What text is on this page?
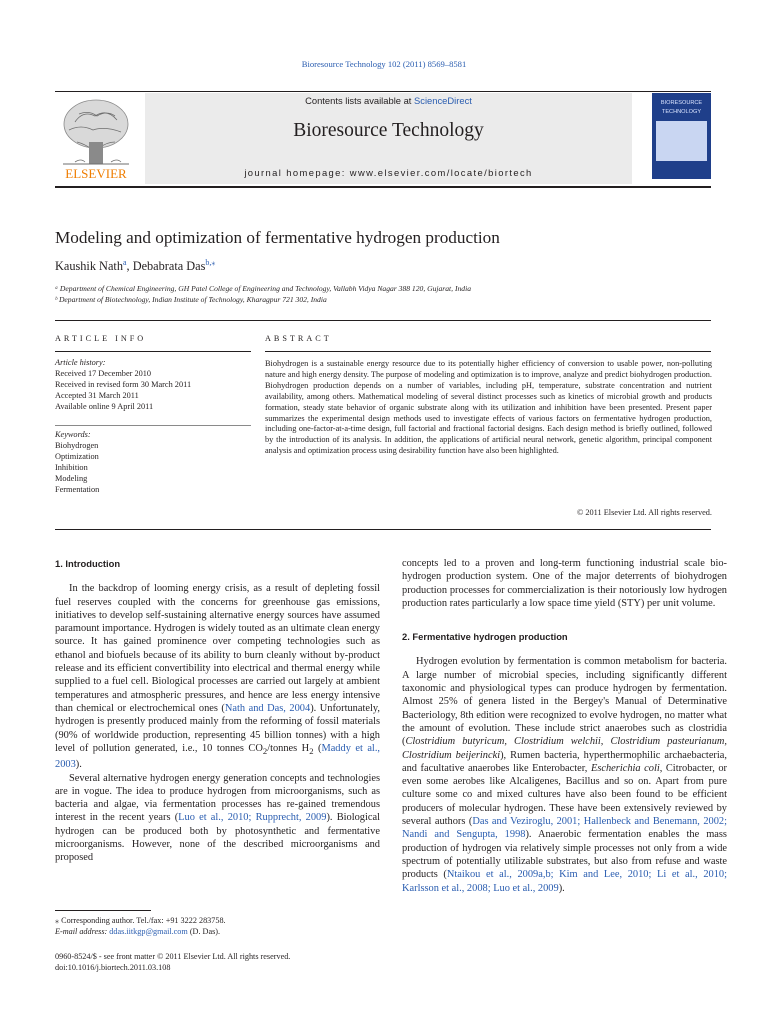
Bioresource Technology 102 (2011) 8569–8581
Contents lists available at ScienceDirect
Bioresource Technology
journal homepage: www.elsevier.com/locate/biortech
ELSEVIER
BIORESOURCE
TECHNOLOGY
Modeling and optimization of fermentative hydrogen production
Kaushik Nath$^a$, Debabrata Das$^{b,⁎}$
ᵃ Department of Chemical Engineering, GH Patel College of Engineering and Technology, Vallabh Vidya Nagar 388 120, Gujarat, India
ᵇ Department of Biotechnology, Indian Institute of Technology, Kharagpur 721 302, India
ARTICLE INFO
Article history:
Received 17 December 2010
Received in revised form 30 March 2011
Accepted 31 March 2011
Available online 9 April 2011
Keywords:
Biohydrogen
Optimization
Inhibition
Modeling
Fermentation
ABSTRACT
Biohydrogen is a sustainable energy resource due to its potentially higher efficiency of conversion to usable power, non-polluting nature and high energy density. The purpose of modeling and optimization is to improve, analyze and predict biohydrogen production. Biohydrogen production depends on a number of variables, including pH, temperature, substrate concentration and nutrient availability, among others. Mathematical modeling of several distinct processes such as kinetics of microbial growth and products formation, steady state behavior of organic substrate along with its utilization and inhibition have been presented. Present paper summarizes the experimental design methods used to investigate effects of various factors on fermentative hydrogen production, including one-factor-at-a-time design, full factorial and fractional factorial designs. Each design method is briefly outlined, followed by the introduction of its analysis. In addition, the applications of artificial neural network, genetic algorithm, principal component analysis and optimization process using desirability function have also been highlighted.
© 2011 Elsevier Ltd. All rights reserved.
1. Introduction

In the backdrop of looming energy crisis, as a result of depleting fossil fuel reserves coupled with the concerns for greenhouse gas emissions, initiatives to develop self-sustaining alternative energy sources have assumed paramount importance. Hydrogen is widely touted as an ultimate clean energy source. It has gained prominence over competing technologies such as ethanol and biofuels because of its ability to burn cleanly without by-product release and its efficient convertibility into electrical and thermal energy while supplied to a fuel cell. Biological processes are carried out largely at ambient temperatures and atmospheric pressures, and hence are less energy intensive than chemical or electrochemical ones (Nath and Das, 2004). Unfortunately, hydrogen is presently produced mainly from the reforming of fossil materials (90% of worldwide production, representing 45 billion tonnes) with a high level of pollution generated, i.e., 10 tonnes $CO_2$/tonnes $H_2$ (Maddy et al., 2003).

Several alternative hydrogen energy generation concepts and technologies are in vogue. The idea to produce hydrogen from microorganisms, such as bacteria and algae, via fermentation processes has re-gained tremendous interest in the recent years (Luo et al., 2010; Rupprecht, 2009). Biological hydrogen can be produced both by photosynthetic and fermentative microorganisms. However, none of the described microorganisms and proposed

concepts led to a proven and long-term functioning industrial scale bio-hydrogen production system. One of the major deterrents of biohydrogen production processes for commercialization is their notoriously low hydrogen production rates particularly a low space time yield (STY) per unit volume.

2. Fermentative hydrogen production

Hydrogen evolution by fermentation is common metabolism for bacteria. A large number of microbial species, including significantly different taxonomic and physiological types can produce hydrogen by fermentation. Almost 25% of genera listed in the Bergey's Manual of Determinative Bacteriology, 8th edition were recognized to evolve hydrogen, no matter what the amount of evolution. These include strict anaerobes such as clostridia (Clostridium butyricum, Clostridium welchii, Clostridium pasteurianum, Clostridium beijerincki), Rumen bacteria, hyperthermophilic archaebacteria, and facultative anaerobes like Enterobacter, Escherichia coli, Citrobacter, or even some aerobes like Alcaligenes, Bacillus and so on. Apart from pure culture some co and mixed cultures have also been found to be efficient producers of molecular hydrogen. These have been extensively reviewed by several authors (Das and Veziroglu, 2001; Hallenbeck and Benemann, 2002; Nandi and Sengupta, 1998). Anaerobic fermentation enables the mass production of hydrogen via relatively simple processes not only from a wide spectrum of potentially utilizable substrates, but also from refuse and waste products (Ntaikou et al., 2009a,b; Kim and Lee, 2010; Li et al., 2010; Karlsson et al., 2008; Luo et al., 2009).

⁎ Corresponding author. Tel./fax: +91 3222 283758.
E-mail address: ddas.iitkgp@gmail.com (D. Das).
0960-8524/$ - see front matter © 2011 Elsevier Ltd. All rights reserved.
doi:10.1016/j.biortech.2011.03.108
